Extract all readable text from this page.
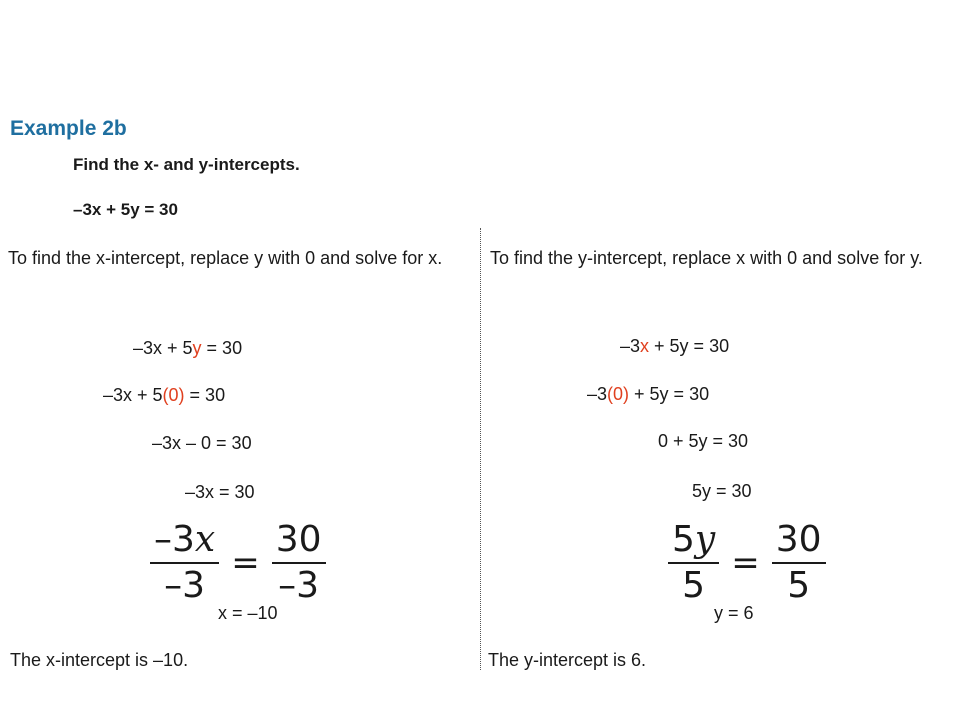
Example 2b
Find the x- and y-intercepts.
–3x + 5y = 30
To find the x-intercept, replace y with 0 and solve for x.
–3x + 5y = 30
–3x + 5(0) = 30
–3x – 0 = 30
–3x = 30
$\frac{-3x}{-3} = \frac{30}{-3}$
x = –10
The x-intercept is –10.
To find the y-intercept, replace x with 0 and solve for y.
–3x + 5y = 30
–3(0) + 5y = 30
0 + 5y = 30
5y = 30
$\frac{5y}{5} = \frac{30}{5}$
y = 6
The y-intercept is 6.
